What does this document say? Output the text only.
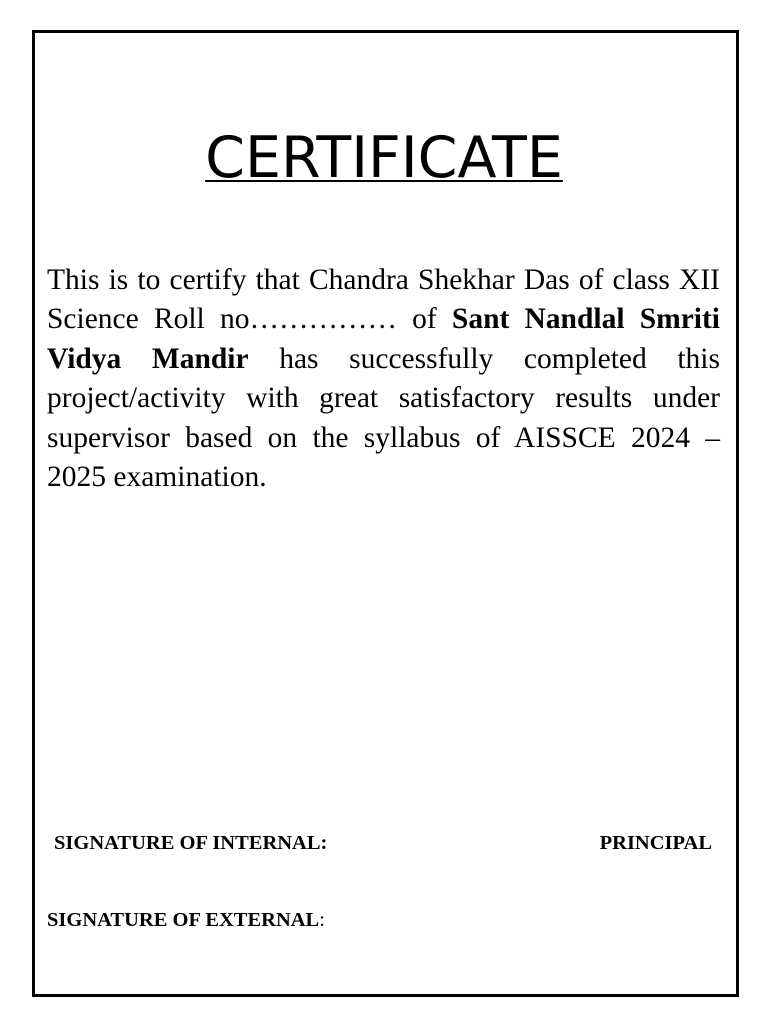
CERTIFICATE

This is to certify that Chandra Shekhar Das of class XII Science Roll no…………… of Sant Nandlal Smriti Vidya Mandir has successfully completed this project/activity with great satisfactory results under supervisor based on the syllabus of AISSCE 2024 – 2025 examination.

SIGNATURE OF INTERNAL:	PRINCIPAL
SIGNATURE OF EXTERNAL:
